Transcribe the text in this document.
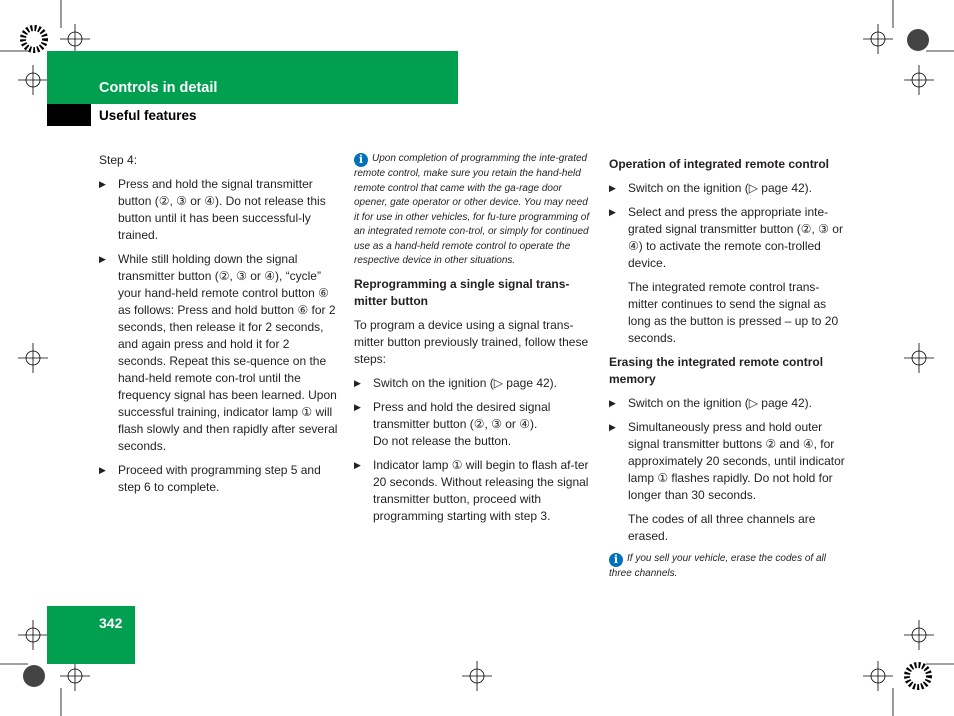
Controls in detail
Useful features
342
Step 4:
▶ Press and hold the signal transmitter button (②, ③ or ④). Do not release this button until it has been successful-ly trained.
▶ While still holding down the signal transmitter button (②, ③ or ④), “cycle” your hand-held remote control button ⑥ as follows: Press and hold button ⑥ for 2 seconds, then release it for 2 seconds, and again press and hold it for 2 seconds. Repeat this se-quence on the hand-held remote con-trol until the frequency signal has been learned. Upon successful training, indicator lamp ① will flash slowly and then rapidly after several seconds.
▶ Proceed with programming step 5 and step 6 to complete.

i Upon completion of programming the inte-grated remote control, make sure you retain the hand-held remote control that came with the ga-rage door opener, gate operator or other device. You may need it for use in other vehicles, for fu-ture programming of an integrated remote con-trol, or simply for continued use as a hand-held remote control to operate the respective device in other situations.

Reprogramming a single signal trans-mitter button

To program a device using a signal trans-mitter button previously trained, follow these steps:

▶ Switch on the ignition (▷ page 42).
▶ Press and hold the desired signal transmitter button (②, ③ or ④).
Do not release the button.
▶ Indicator lamp ① will begin to flash af-ter 20 seconds. Without releasing the signal transmitter button, proceed with programming starting with step 3.
Operation of integrated remote control
▶ Switch on the ignition (▷ page 42).
▶ Select and press the appropriate inte-grated signal transmitter button (②, ③ or ④) to activate the remote con-trolled device.
The integrated remote control trans-mitter continues to send the signal as long as the button is pressed – up to 20 seconds.
Erasing the integrated remote control memory
▶ Switch on the ignition (▷ page 42).
▶ Simultaneously press and hold outer signal transmitter buttons ② and ④, for approximately 20 seconds, until indicator lamp ① flashes rapidly. Do not hold for longer than 30 seconds.
The codes of all three channels are erased.

i If you sell your vehicle, erase the codes of all three channels.
